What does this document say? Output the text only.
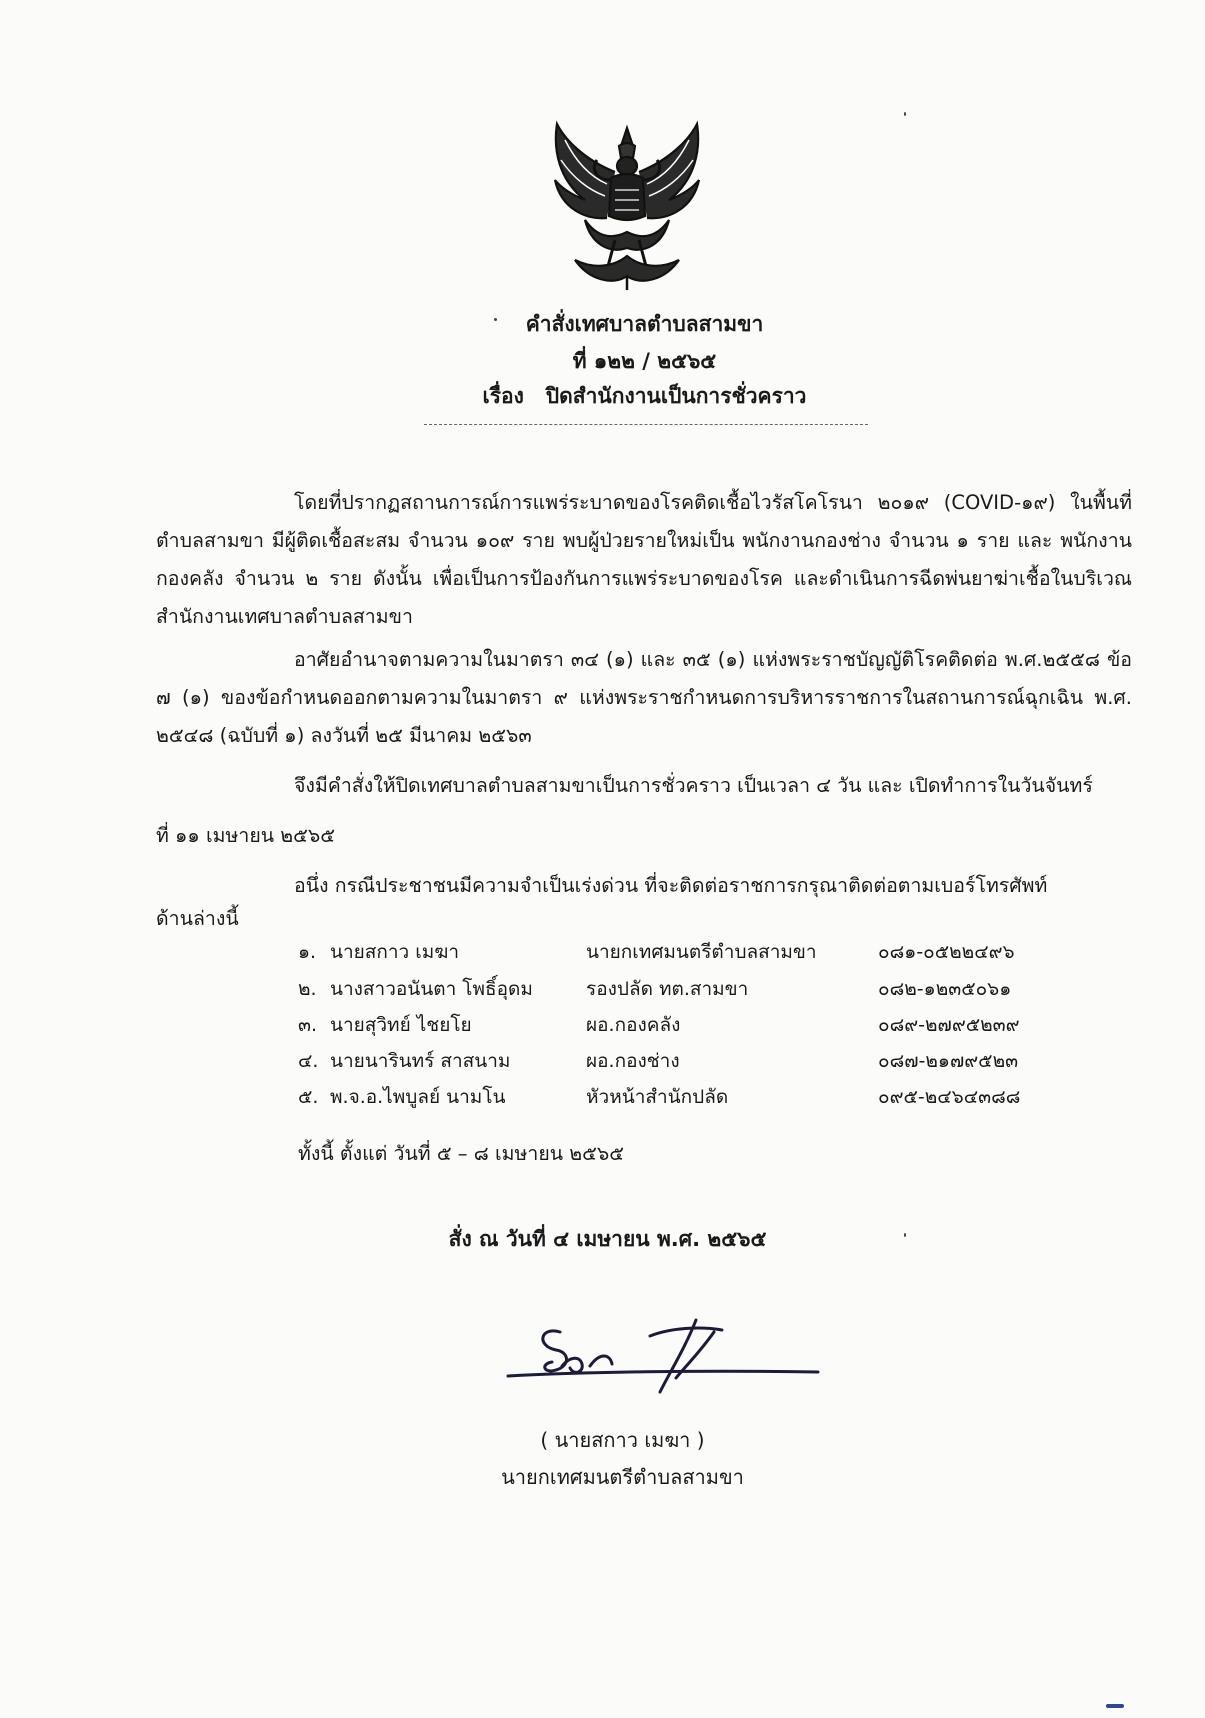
คำสั่งเทศบาลตำบลสามขา
ที่ ๑๒๒ / ๒๕๖๕
เรื่อง ปิดสำนักงานเป็นการชั่วคราว
โดยที่ปรากฏสถานการณ์การแพร่ระบาดของโรคติดเชื้อไวรัสโคโรนา ๒๐๑๙ (COVID-๑๙) ในพื้นที่ตำบลสามขา มีผู้ติดเชื้อสะสม จำนวน ๑๐๙ ราย พบผู้ป่วยรายใหม่เป็น พนักงานกองช่าง จำนวน ๑ ราย และ พนักงานกองคลัง จำนวน ๒ ราย ดังนั้น เพื่อเป็นการป้องกันการแพร่ระบาดของโรค และดำเนินการฉีดพ่นยาฆ่าเชื้อในบริเวณสำนักงานเทศบาลตำบลสามขา
อาศัยอำนาจตามความในมาตรา ๓๔ (๑) และ ๓๕ (๑) แห่งพระราชบัญญัติโรคติดต่อ พ.ศ.๒๕๕๘ ข้อ ๗ (๑) ของข้อกำหนดออกตามความในมาตรา ๙ แห่งพระราชกำหนดการบริหารราชการในสถานการณ์ฉุกเฉิน พ.ศ. ๒๕๔๘ (ฉบับที่ ๑) ลงวันที่ ๒๕ มีนาคม ๒๕๖๓
จึงมีคำสั่งให้ปิดเทศบาลตำบลสามขาเป็นการชั่วคราว เป็นเวลา ๔ วัน และ เปิดทำการในวันจันทร์
ที่ ๑๑ เมษายน ๒๕๖๕
อนึ่ง กรณีประชาชนมีความจำเป็นเร่งด่วน ที่จะติดต่อราชการกรุณาติดต่อตามเบอร์โทรศัพท์
ด้านล่างนี้
๑. นายสกาว เมฆา	นายกเทศมนตรีตำบลสามขา	๐๘๑-๐๕๒๒๔๙๖
๒. นางสาวอนันตา โพธิ์อุดม	รองปลัด ทต.สามขา	๐๘๒-๑๒๓๕๐๖๑
๓. นายสุวิทย์ ไชยโย	ผอ.กองคลัง	๐๘๙-๒๗๙๕๒๓๙
๔. นายนารินทร์ สาสนาม	ผอ.กองช่าง	๐๘๗-๒๑๗๙๕๒๓
๕. พ.จ.อ.ไพบูลย์ นามโน	หัวหน้าสำนักปลัด	๐๙๕-๒๔๖๔๓๘๘
ทั้งนี้ ตั้งแต่ วันที่ ๕ – ๘ เมษายน ๒๕๖๕
สั่ง ณ วันที่ ๔ เมษายน พ.ศ. ๒๕๖๕
( นายสกาว เมฆา )
นายกเทศมนตรีตำบลสามขา
